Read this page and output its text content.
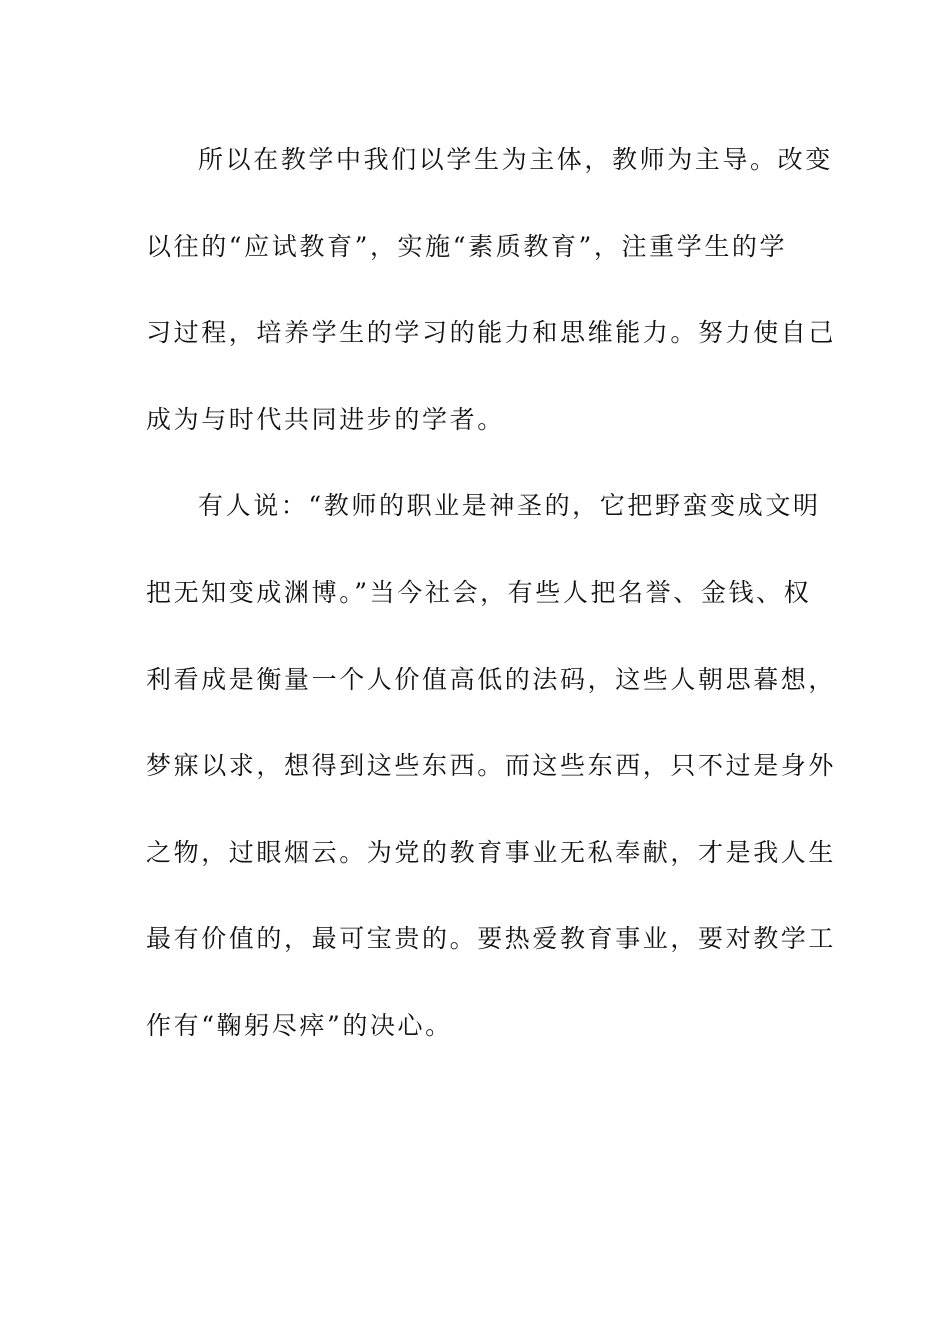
所以在教学中我们以学生为主体，教师为主导。改变
以往的“应试教育”，实施“素质教育”，注重学生的学
习过程，培养学生的学习的能力和思维能力。努力使自己
成为与时代共同进步的学者。
有人说：“教师的职业是神圣的，它把野蛮变成文明
把无知变成渊博。”当今社会，有些人把名誉、金钱、权
利看成是衡量一个人价值高低的法码，这些人朝思暮想，
梦寐以求，想得到这些东西。而这些东西，只不过是身外
之物，过眼烟云。为党的教育事业无私奉献，才是我人生
最有价值的，最可宝贵的。要热爱教育事业，要对教学工
作有“鞠躬尽瘁”的决心。
